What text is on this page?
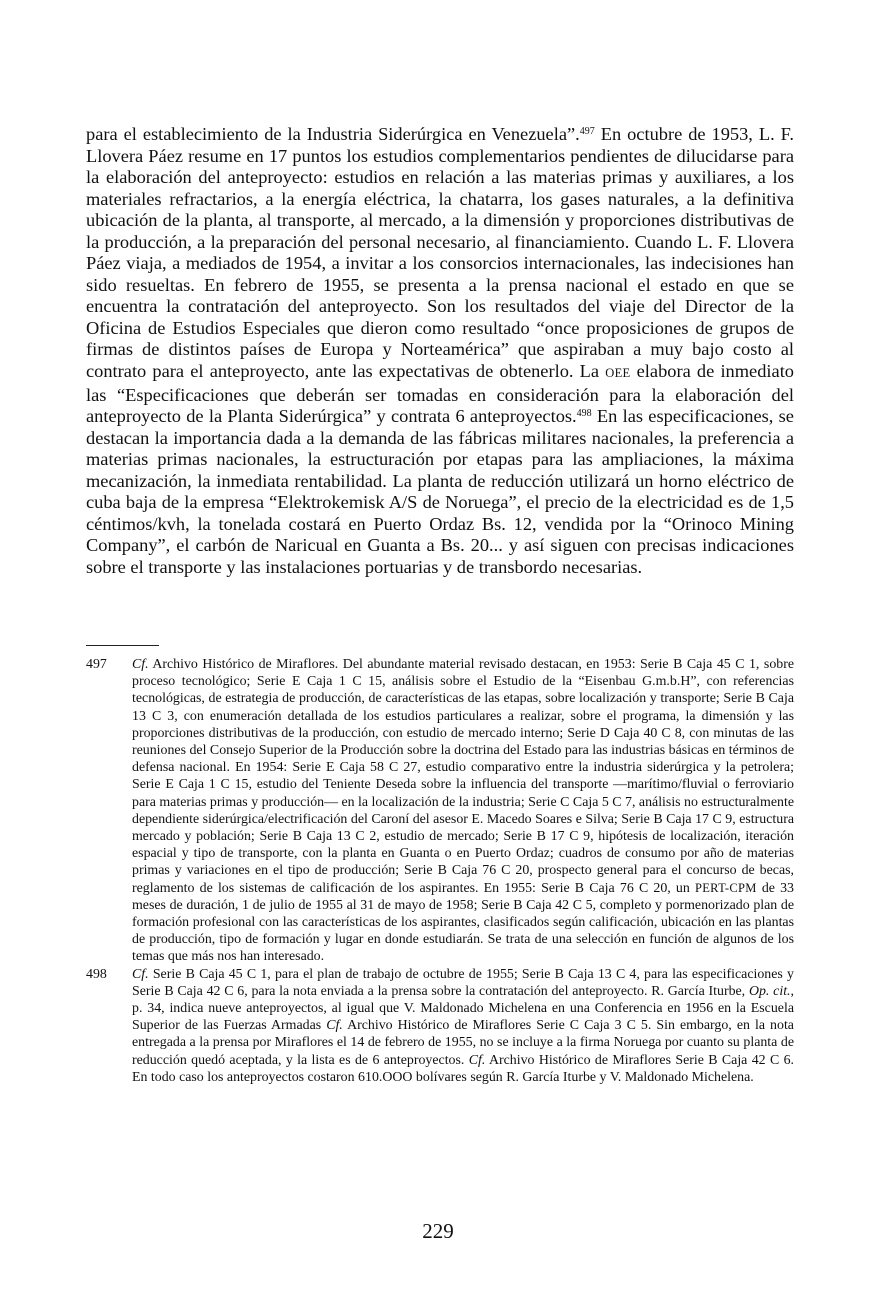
para el establecimiento de la Industria Siderúrgica en Venezuela”.$^{497}$ En octubre de 1953, L. F. Llovera Páez resume en 17 puntos los estudios complementarios pendientes de dilucidarse para la elaboración del anteproyecto: estudios en relación a las materias primas y auxiliares, a los materiales refractarios, a la energía eléctrica, la chatarra, los gases naturales, a la definitiva ubicación de la planta, al transporte, al mercado, a la dimensión y proporciones distributivas de la producción, a la preparación del personal necesario, al financiamiento. Cuando L. F. Llovera Páez viaja, a mediados de 1954, a invitar a los consorcios internacionales, las indecisiones han sido resueltas. En febrero de 1955, se presenta a la prensa nacional el estado en que se encuentra la contratación del anteproyecto. Son los resultados del viaje del Director de la Oficina de Estudios Especiales que dieron como resultado “once proposiciones de grupos de firmas de distintos países de Europa y Norteamérica” que aspiraban a muy bajo costo al contrato para el anteproyecto, ante las expectativas de obtenerlo. La OEE elabora de inmediato las “Especificaciones que deberán ser tomadas en consideración para la elaboración del anteproyecto de la Planta Siderúrgica” y contrata 6 anteproyectos.$^{498}$ En las especificaciones, se destacan la importancia dada a la demanda de las fábricas militares nacionales, la preferencia a materias primas nacionales, la estructuración por etapas para las ampliaciones, la máxima mecanización, la inmediata rentabilidad. La planta de reducción utilizará un horno eléctrico de cuba baja de la empresa “Elektrokemisk A/S de Noruega”, el precio de la electricidad es de 1,5 céntimos/kvh, la tonelada costará en Puerto Ordaz Bs. 12, vendida por la “Orinoco Mining Company”, el carbón de Naricual en Guanta a Bs. 20... y así siguen con precisas indicaciones sobre el transporte y las instalaciones portuarias y de transbordo necesarias.

497 Cf. Archivo Histórico de Miraflores. Del abundante material revisado destacan, en 1953: Serie B Caja 45 C 1, sobre proceso tecnológico; Serie E Caja 1 C 15, análisis sobre el Estudio de la “Eisenbau G.m.b.H”, con referencias tecnológicas, de estrategia de producción, de características de las etapas, sobre localización y transporte; Serie B Caja 13 C 3, con enumeración detallada de los estudios particulares a realizar, sobre el programa, la dimensión y las proporciones distributivas de la producción, con estudio de mercado interno; Serie D Caja 40 C 8, con minutas de las reuniones del Consejo Superior de la Producción sobre la doctrina del Estado para las industrias básicas en términos de defensa nacional. En 1954: Serie E Caja 58 C 27, estudio comparativo entre la industria siderúrgica y la petrolera; Serie E Caja 1 C 15, estudio del Teniente Deseda sobre la influencia del transporte —marítimo/fluvial o ferroviario para materias primas y producción— en la localización de la industria; Serie C Caja 5 C 7, análisis no estructuralmente dependiente siderúrgica/electrificación del Caroní del asesor E. Macedo Soares e Silva; Serie B Caja 17 C 9, estructura mercado y población; Serie B Caja 13 C 2, estudio de mercado; Serie B 17 C 9, hipótesis de localización, iteración espacial y tipo de transporte, con la planta en Guanta o en Puerto Ordaz; cuadros de consumo por año de materias primas y variaciones en el tipo de producción; Serie B Caja 76 C 20, prospecto general para el concurso de becas, reglamento de los sistemas de calificación de los aspirantes. En 1955: Serie B Caja 76 C 20, un PERT-CPM de 33 meses de duración, 1 de julio de 1955 al 31 de mayo de 1958; Serie B Caja 42 C 5, completo y pormenorizado plan de formación profesional con las características de los aspirantes, clasificados según calificación, ubicación en las plantas de producción, tipo de formación y lugar en donde estudiarán. Se trata de una selección en función de algunos de los temas que más nos han interesado.
498 Cf. Serie B Caja 45 C 1, para el plan de trabajo de octubre de 1955; Serie B Caja 13 C 4, para las especificaciones y Serie B Caja 42 C 6, para la nota enviada a la prensa sobre la contratación del anteproyecto. R. García Iturbe, Op. cit., p. 34, indica nueve anteproyectos, al igual que V. Maldonado Michelena en una Conferencia en 1956 en la Escuela Superior de las Fuerzas Armadas Cf. Archivo Histórico de Miraflores Serie C Caja 3 C 5. Sin embargo, en la nota entregada a la prensa por Miraflores el 14 de febrero de 1955, no se incluye a la firma Noruega por cuanto su planta de reducción quedó aceptada, y la lista es de 6 anteproyectos. Cf. Archivo Histórico de Miraflores Serie B Caja 42 C 6. En todo caso los anteproyectos costaron 610.OOO bolívares según R. García Iturbe y V. Maldonado Michelena.
229
